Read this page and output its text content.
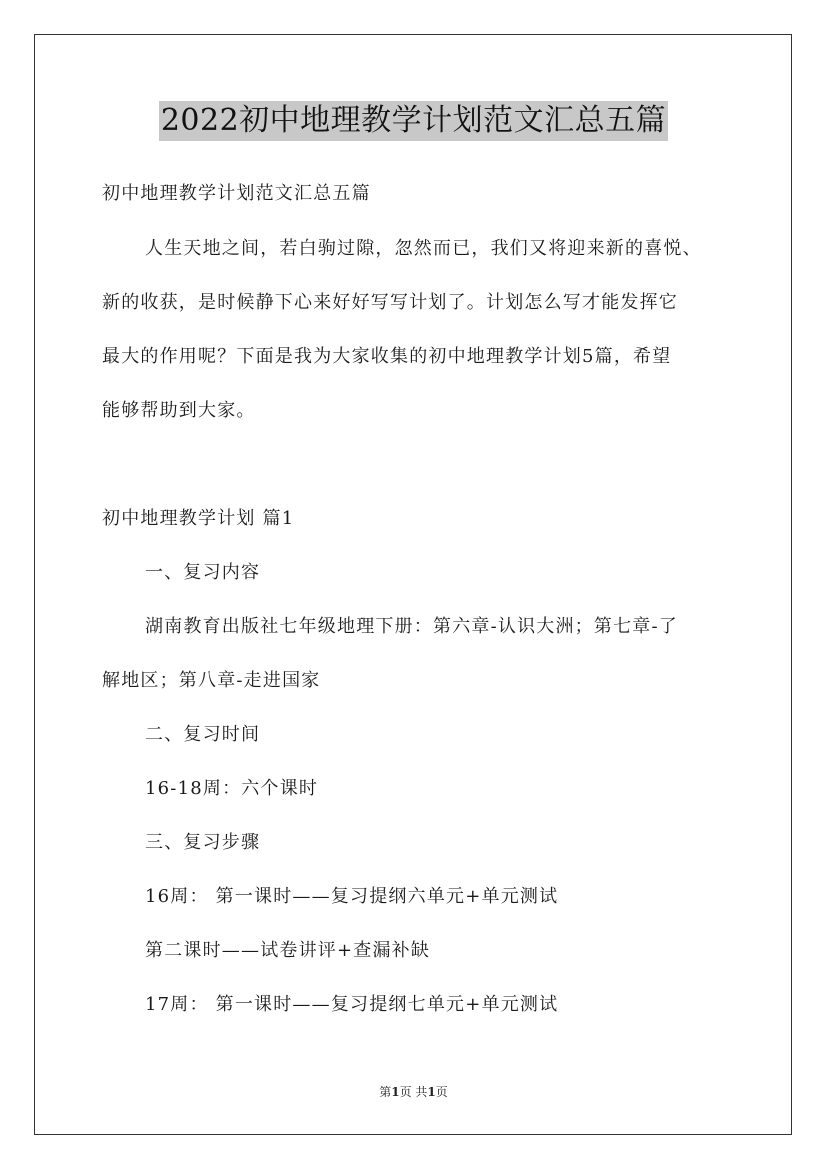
2022初中地理教学计划范文汇总五篇
初中地理教学计划范文汇总五篇
人生天地之间，若白驹过隙，忽然而已，我们又将迎来新的喜悦、
新的收获，是时候静下心来好好写写计划了。计划怎么写才能发挥它
最大的作用呢？下面是我为大家收集的初中地理教学计划5篇，希望
能够帮助到大家。
初中地理教学计划 篇1
一、复习内容
湖南教育出版社七年级地理下册：第六章-认识大洲；第七章-了
解地区；第八章-走进国家
二、复习时间
16-18周：六个课时
三、复习步骤
16周： 第一课时——复习提纲六单元+单元测试
第二课时——试卷讲评+查漏补缺
17周： 第一课时——复习提纲七单元+单元测试
第1页 共1页
